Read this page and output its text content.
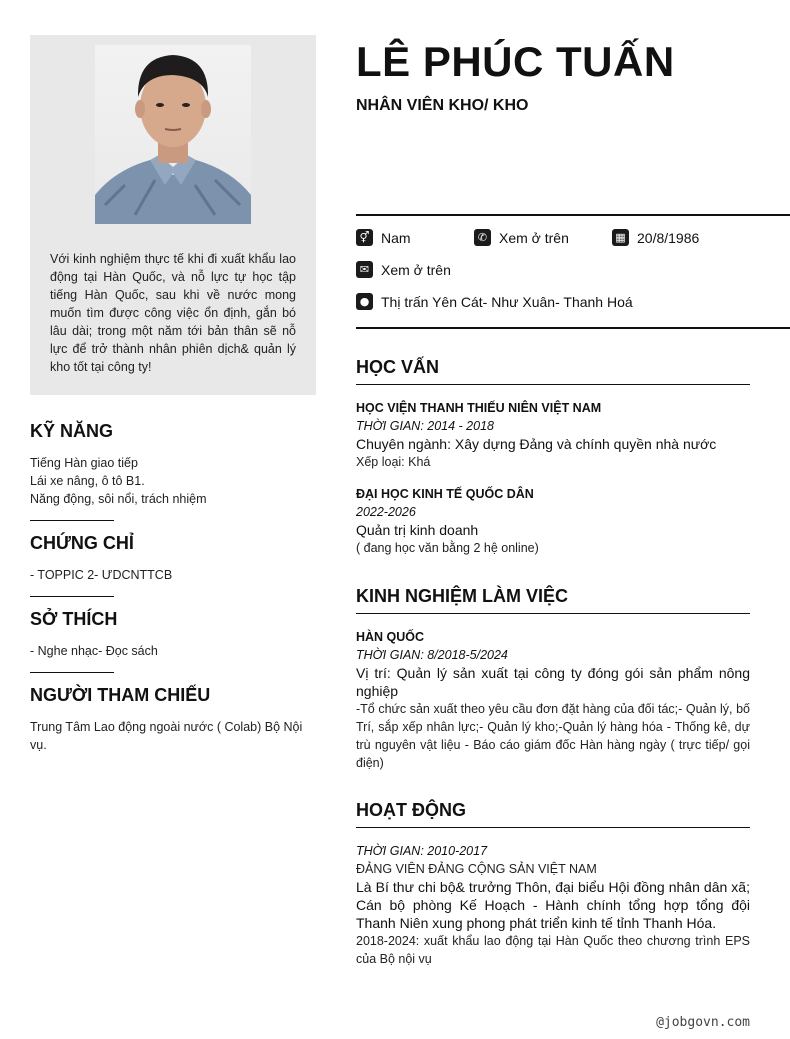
Với kinh nghiệm thực tế khi đi xuất khẩu lao động tại Hàn Quốc, và nỗ lực tự học tập tiếng Hàn Quốc, sau khi về nước mong muốn tìm được công việc ổn định, gắn bó lâu dài; trong một năm tới bản thân sẽ nỗ lực để trở thành nhân phiên dịch& quản lý kho tốt tại công ty!
KỸ NĂNG
Tiếng Hàn giao tiếp
Lái xe nâng, ô tô B1.
Năng động, sôi nổi, trách nhiệm
CHỨNG CHỈ
- TOPPIC 2- ƯDCNTTCB
SỞ THÍCH
- Nghe nhạc- Đọc sách
NGƯỜI THAM CHIẾU
Trung Tâm Lao động ngoài nước ( Colab) Bộ Nội vụ.
LÊ PHÚC TUẤN
NHÂN VIÊN KHO/ KHO
⚥ Nam	✆ Xem ở trên	▦ 20/8/1986
✉ Xem ở trên
● Thị trấn Yên Cát- Như Xuân- Thanh Hoá
HỌC VẤN
HỌC VIỆN THANH THIẾU NIÊN VIỆT NAM
THỜI GIAN: 2014 - 2018
Chuyên ngành: Xây dựng Đảng và chính quyền nhà nước
Xếp loại: Khá
ĐẠI HỌC KINH TẾ QUỐC DÂN
2022-2026
Quản trị kinh doanh
( đang học văn bằng 2 hệ online)
KINH NGHIỆM LÀM VIỆC
HÀN QUỐC
THỜI GIAN: 8/2018-5/2024
Vị trí: Quản lý sản xuất tại công ty đóng gói sản phẩm nông nghiệp
-Tổ chức sản xuất theo yêu cầu đơn đặt hàng của đối tác;- Quản lý, bố Trí, sắp xếp nhân lực;- Quản lý kho;-Quản lý hàng hóa - Thống kê, dự trù nguyên vật liệu - Báo cáo giám đốc Hàn hàng ngày ( trực tiếp/ gọi điện)
HOẠT ĐỘNG
THỜI GIAN: 2010-2017
ĐẢNG VIÊN ĐẢNG CỘNG SẢN VIỆT NAM
Là Bí thư chi bộ& trưởng Thôn, đại biểu Hội đồng nhân dân xã; Cán bộ phòng Kế Hoạch - Hành chính tổng hợp tổng đội Thanh Niên xung phong phát triển kinh tế tỉnh Thanh Hóa.
2018-2024: xuất khẩu lao động tại Hàn Quốc theo chương trình EPS của Bộ nội vụ
@jobgovn.com
